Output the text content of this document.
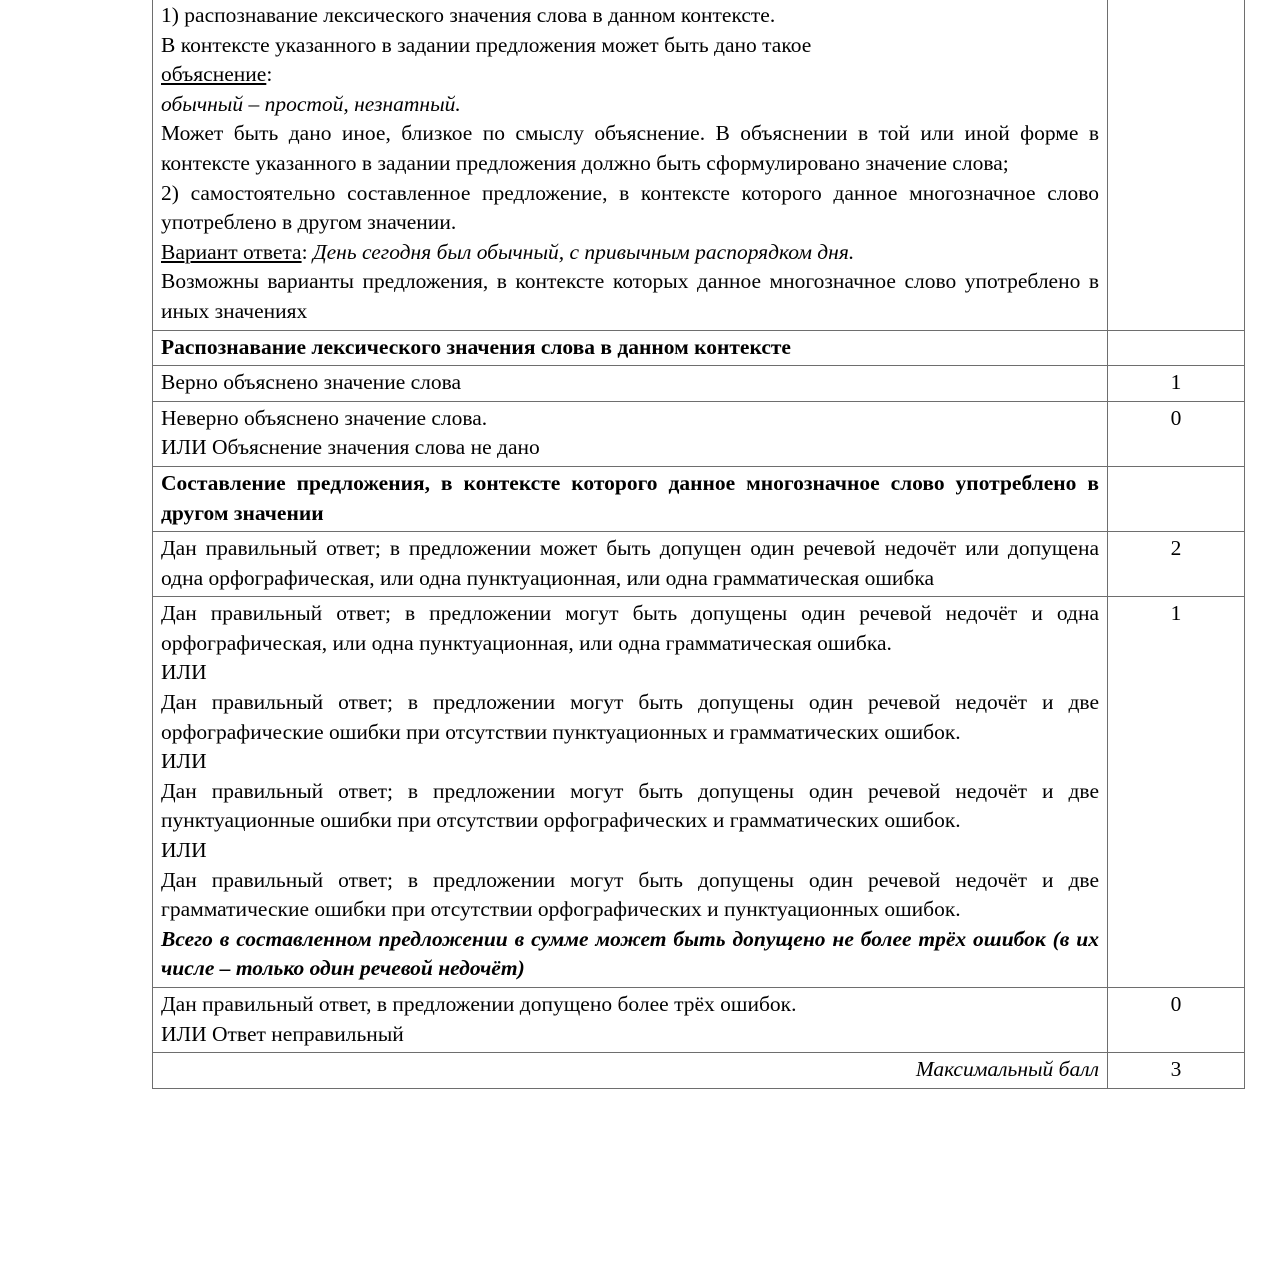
1) распознавание лексического значения слова в данном контексте.

В контексте указанного в задании предложения может быть дано такое

объяснение:

обычный – простой, незнатный.

Может быть дано иное, близкое по смыслу объяснение. В объяснении в той или иной форме в контексте указанного в задании предложения должно быть сформулировано значение слова;

2) самостоятельно составленное предложение, в контексте которого данное многозначное слово употреблено в другом значении.

Вариант ответа: День сегодня был обычный, с привычным распорядком дня.

Возможны варианты предложения, в контексте которых данное многозначное слово употреблено в иных значениях

Распознавание лексического значения слова в данном контексте	

Верно объяснено значение слова	1

Неверно объяснено значение слова.

ИЛИ Объяснение значения слова не дано	0

Составление предложения, в контексте которого данное многозначное слово употреблено в другом значении	

Дан правильный ответ; в предложении может быть допущен один речевой недочёт или допущена одна орфографическая, или одна пунктуационная, или одна грамматическая ошибка	2

Дан правильный ответ; в предложении могут быть допущены один речевой недочёт и одна орфографическая, или одна пунктуационная, или одна грамматическая ошибка.

ИЛИ

Дан правильный ответ; в предложении могут быть допущены один речевой недочёт и две орфографические ошибки при отсутствии пунктуационных и грамматических ошибок.

ИЛИ

Дан правильный ответ; в предложении могут быть допущены один речевой недочёт и две пунктуационные ошибки при отсутствии орфографических и грамматических ошибок.

ИЛИ

Дан правильный ответ; в предложении могут быть допущены один речевой недочёт и две грамматические ошибки при отсутствии орфографических и пунктуационных ошибок.

Всего в составленном предложении в сумме может быть допущено не более трёх ошибок (в их числе – только один речевой недочёт)

	1

Дан правильный ответ, в предложении допущено более трёх ошибок.

ИЛИ Ответ неправильный	0

Максимальный балл	3
